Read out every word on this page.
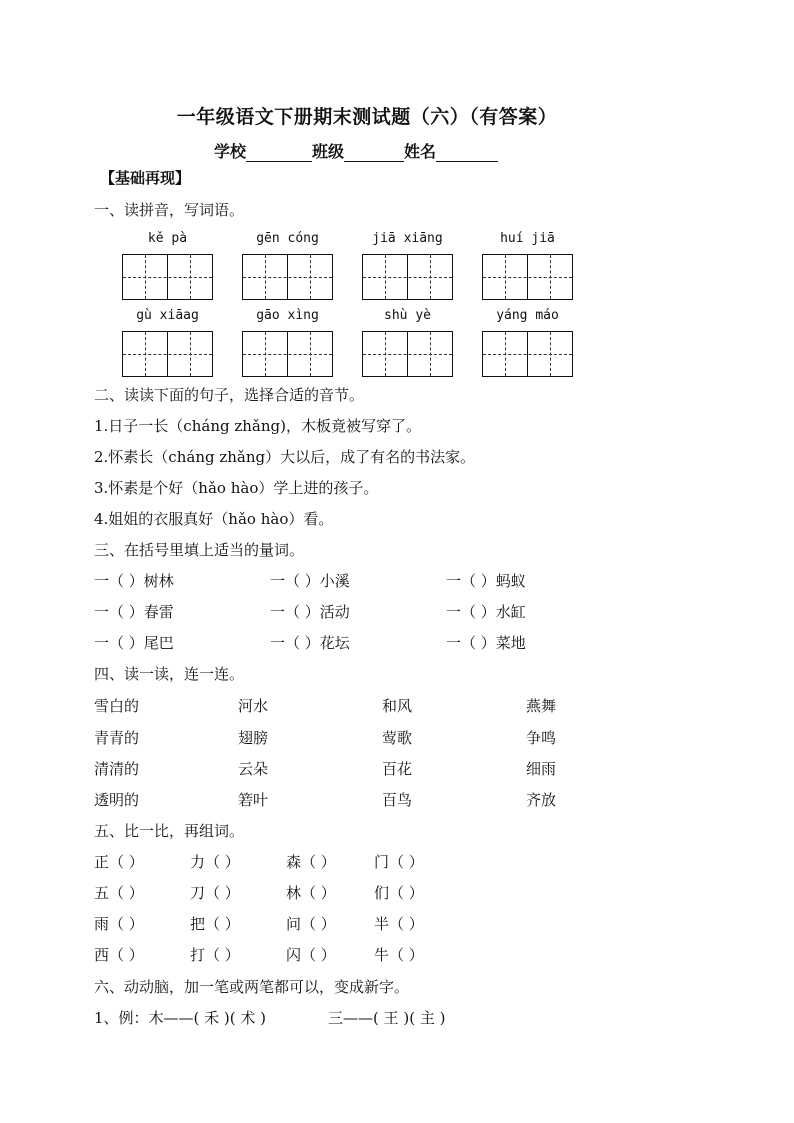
一年级语文下册期末测试题（六）（有答案）
学校	班级	姓名
【基础再现】
一、读拼音，写词语。
kě pà	gēn cóng	jiā xiāng	huí jiā
gù xiāag	gāo xìng	shù yè	yáng máo
二、读读下面的句子，选择合适的音节。
1.日子一长（cháng zhǎng)，木板竟被写穿了。
2.怀素长（cháng zhǎng）大以后，成了有名的书法家。
3.怀素是个好（hǎo hào）学上进的孩子。
4.姐姐的衣服真好（hǎo hào）看。
三、在括号里填上适当的量词。
一（ ）树林	一（ ）小溪	一（ ）蚂蚁
一（ ）春雷	一（ ）活动	一（ ）水缸
一（ ）尾巴	一（ ）花坛	一（ ）菜地
四、读一读，连一连。
雪白的	河水	和风	燕舞
青青的	翅膀	莺歌	争鸣
清清的	云朵	百花	细雨
透明的	箬叶	百鸟	齐放
五、比一比，再组词。
正（ ）	力（ ）	森（ ）	门（ ）
五（ ）	刀（ ）	林（ ）	们（ ）
雨（ ）	把（ ）	问（ ）	半（ ）
西（ ）	打（ ）	闪（ ）	牛（ ）
六、动动脑，加一笔或两笔都可以，变成新字。
1、例：木——( 禾 )( 术 )	三——( 王 )( 主 )
